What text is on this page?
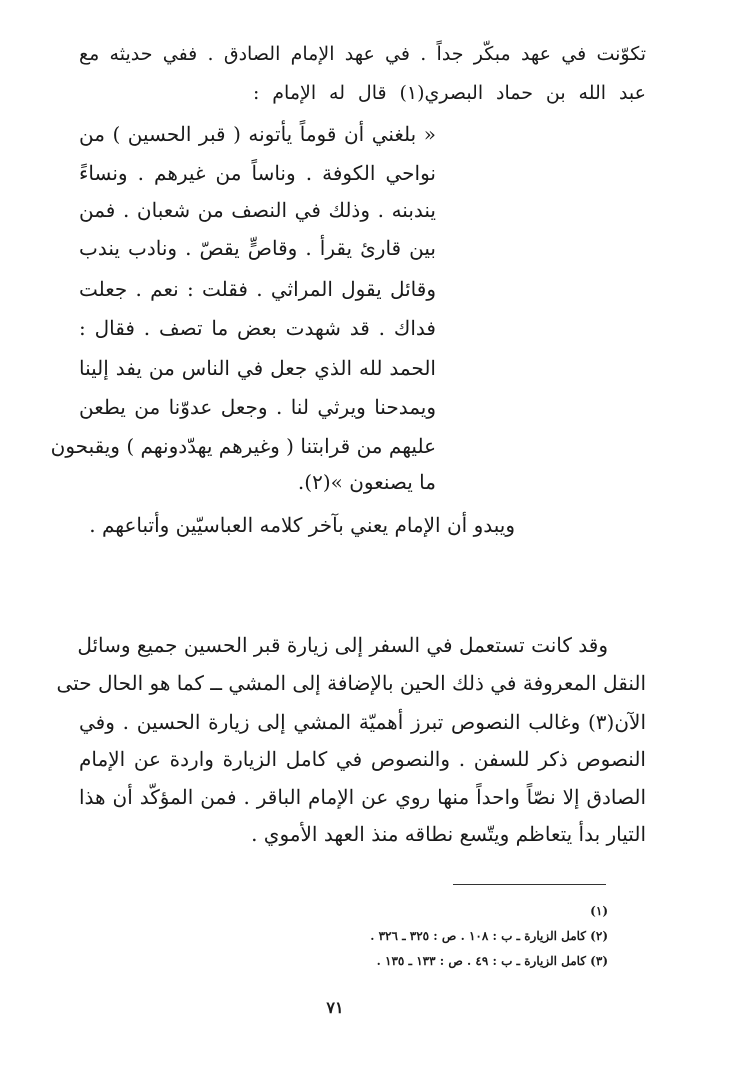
تكوّنت في عهد مبكّر جداً . في عهد الإمام الصادق . ففي حديثه مع
عبد الله بن حماد البصري(١) قال له الإمام :
« بلغني أن قوماً يأتونه ( قبر الحسين ) من
نواحي الكوفة . وناساً من غيرهم . ونساءً
يندبنه . وذلك في النصف من شعبان . فمن
بين قارئ يقرأ . وقاصٍّ يقصّ . ونادب يندب
وقائل يقول المراثي . فقلت : نعم . جعلت
فداك . قد شهدت بعض ما تصف . فقال :
الحمد لله الذي جعل في الناس من يفد إلينا
ويمدحنا ويرثي لنا . وجعل عدوّنا من يطعن
عليهم من قرابتنا ( وغيرهم يهدّدونهم ) ويقبحون
ما يصنعون »(٢).
ويبدو أن الإمام يعني بآخر كلامه العباسيّين وأتباعهم .
وقد كانت تستعمل في السفر إلى زيارة قبر الحسين جميع وسائل
النقل المعروفة في ذلك الحين بالإضافة إلى المشي ــ كما هو الحال حتى
الآن(٣) وغالب النصوص تبرز أهميّة المشي إلى زيارة الحسين . وفي
النصوص ذكر للسفن . والنصوص في كامل الزيارة واردة عن الإمام
الصادق إلا نصّاً واحداً منها روي عن الإمام الباقر . فمن المؤكّد أن هذا
التيار بدأ يتعاظم ويتّسع نطاقه منذ العهد الأموي .
(١)
(٢) كامل الزيارة ـ ب : ١٠٨ . ص : ٣٢٥ ـ ٣٢٦ .
(٣) كامل الزيارة ـ ب : ٤٩ . ص : ١٣٣ ـ ١٣٥ .
٧١
